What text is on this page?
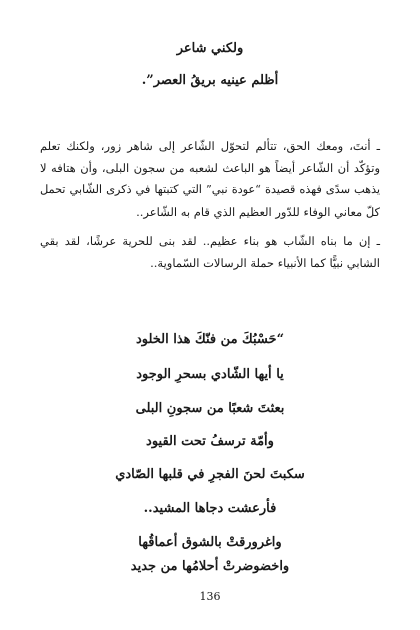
ولكني شاعر
أظلم عينيه بريقُ العصر”.
ـ أنتَ، ومعك الحق، تتألم لتحوّل الشّاعر إلى شاهر زور، ولكنك تعلم
وتؤكّد أن الشّاعر أيضاً هو الباعث لشعبه من سجون البلى، وأن هتافه لا
يذهب سدًى فهذه قصيدة “عودة نبي” التي كتبتها في ذكرى الشّابي تحمل
كلّ معاني الوفاء للدّور العظيم الذي قام به الشّاعر..
ـ إن ما بناه الشّاب هو بناء عظيم.. لقد بنى للحرية عرشًا، لقد بقي
الشابي نبيًّا كما الأنبياء حملة الرسالات السّماوية..
“حَسْبُكَ من فنّكَ هذا الخلود
يا أيها الشّادي بسحرِ الوجود
بعثتَ شعبًا من سجونِ البلى
وأمّة ترسفُ تحت القيود
سكبتَ لحنَ الفجرِ في قلبها الصّادي
فأرعشت دجاها المشيد..
واغرورقتْ بالشوق أعماقُها
واخضوضرتْ أحلامُها من جديد
136
